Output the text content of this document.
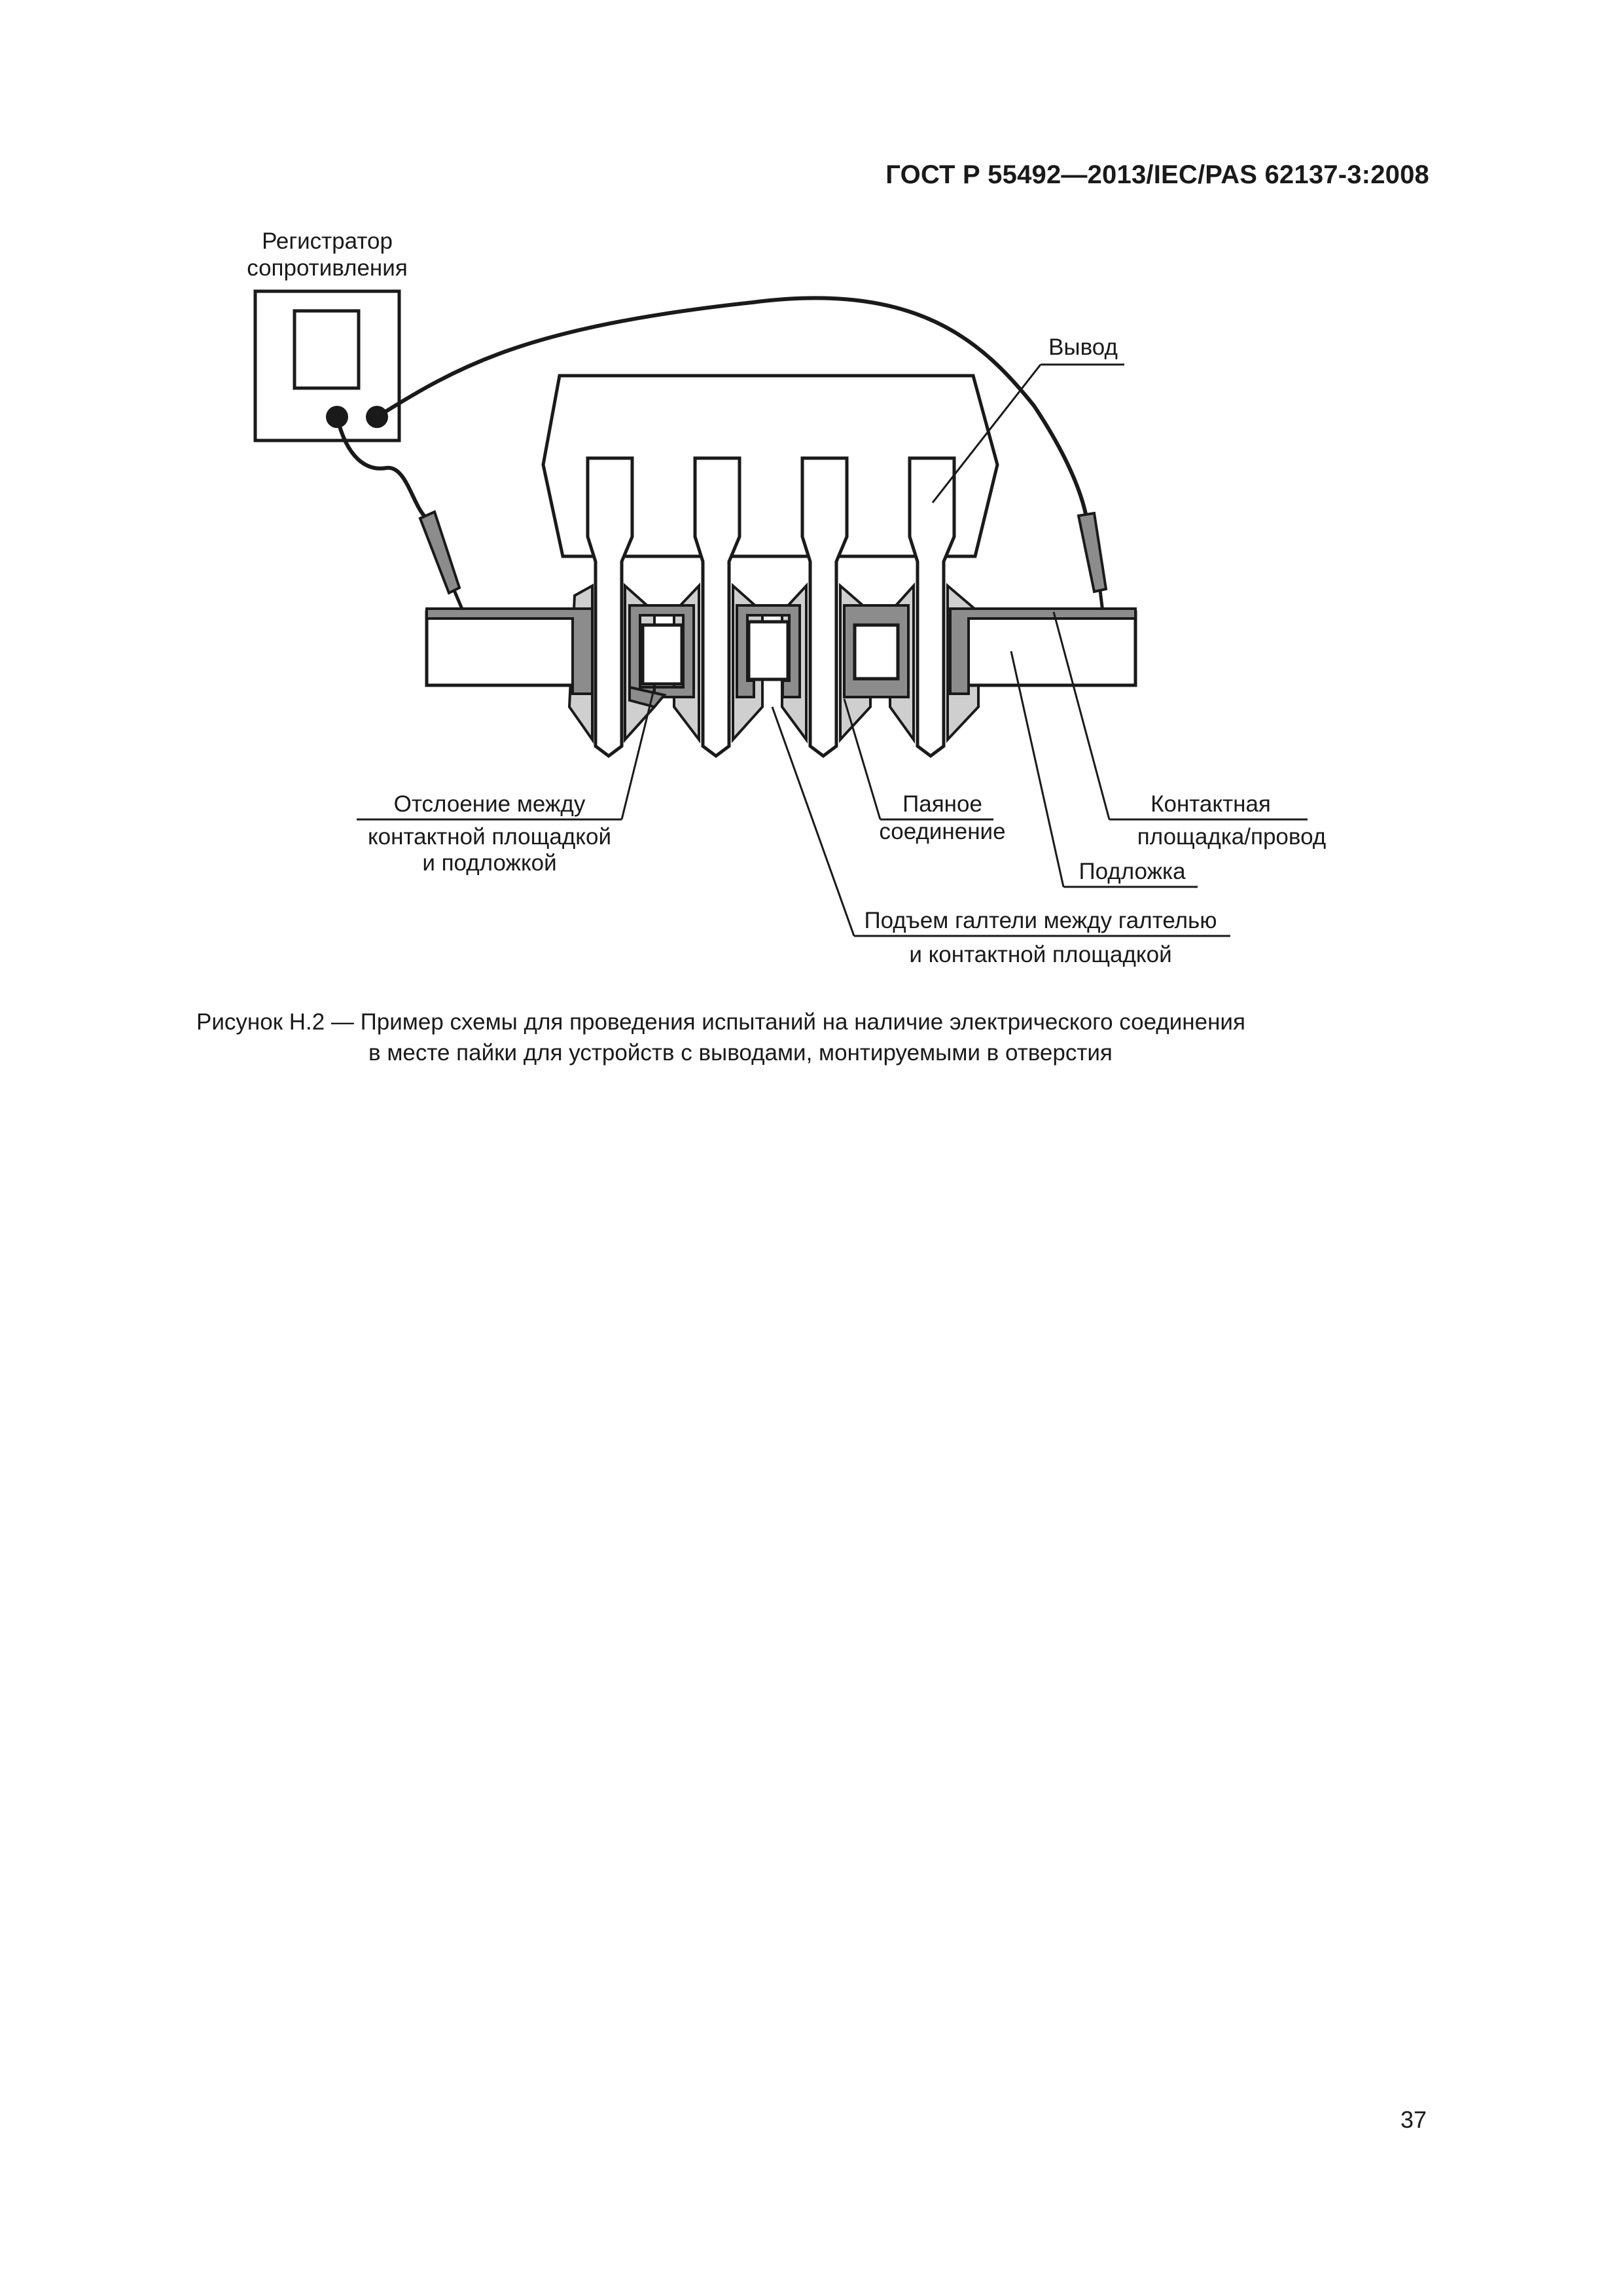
ГОСТ Р 55492—2013/IEC/PAS 62137-3:2008
Регистратор
сопротивления
Вывод
Отслоение между
контактной площадкой
и подложкой
Паяное
соединение
Контактная
площадка/провод
Подложка
Подъем галтели между галтелью
и контактной площадкой
Рисунок Н.2 — Пример схемы для проведения испытаний на наличие электрического соединения
в месте пайки для устройств с выводами, монтируемыми в отверстия
37
